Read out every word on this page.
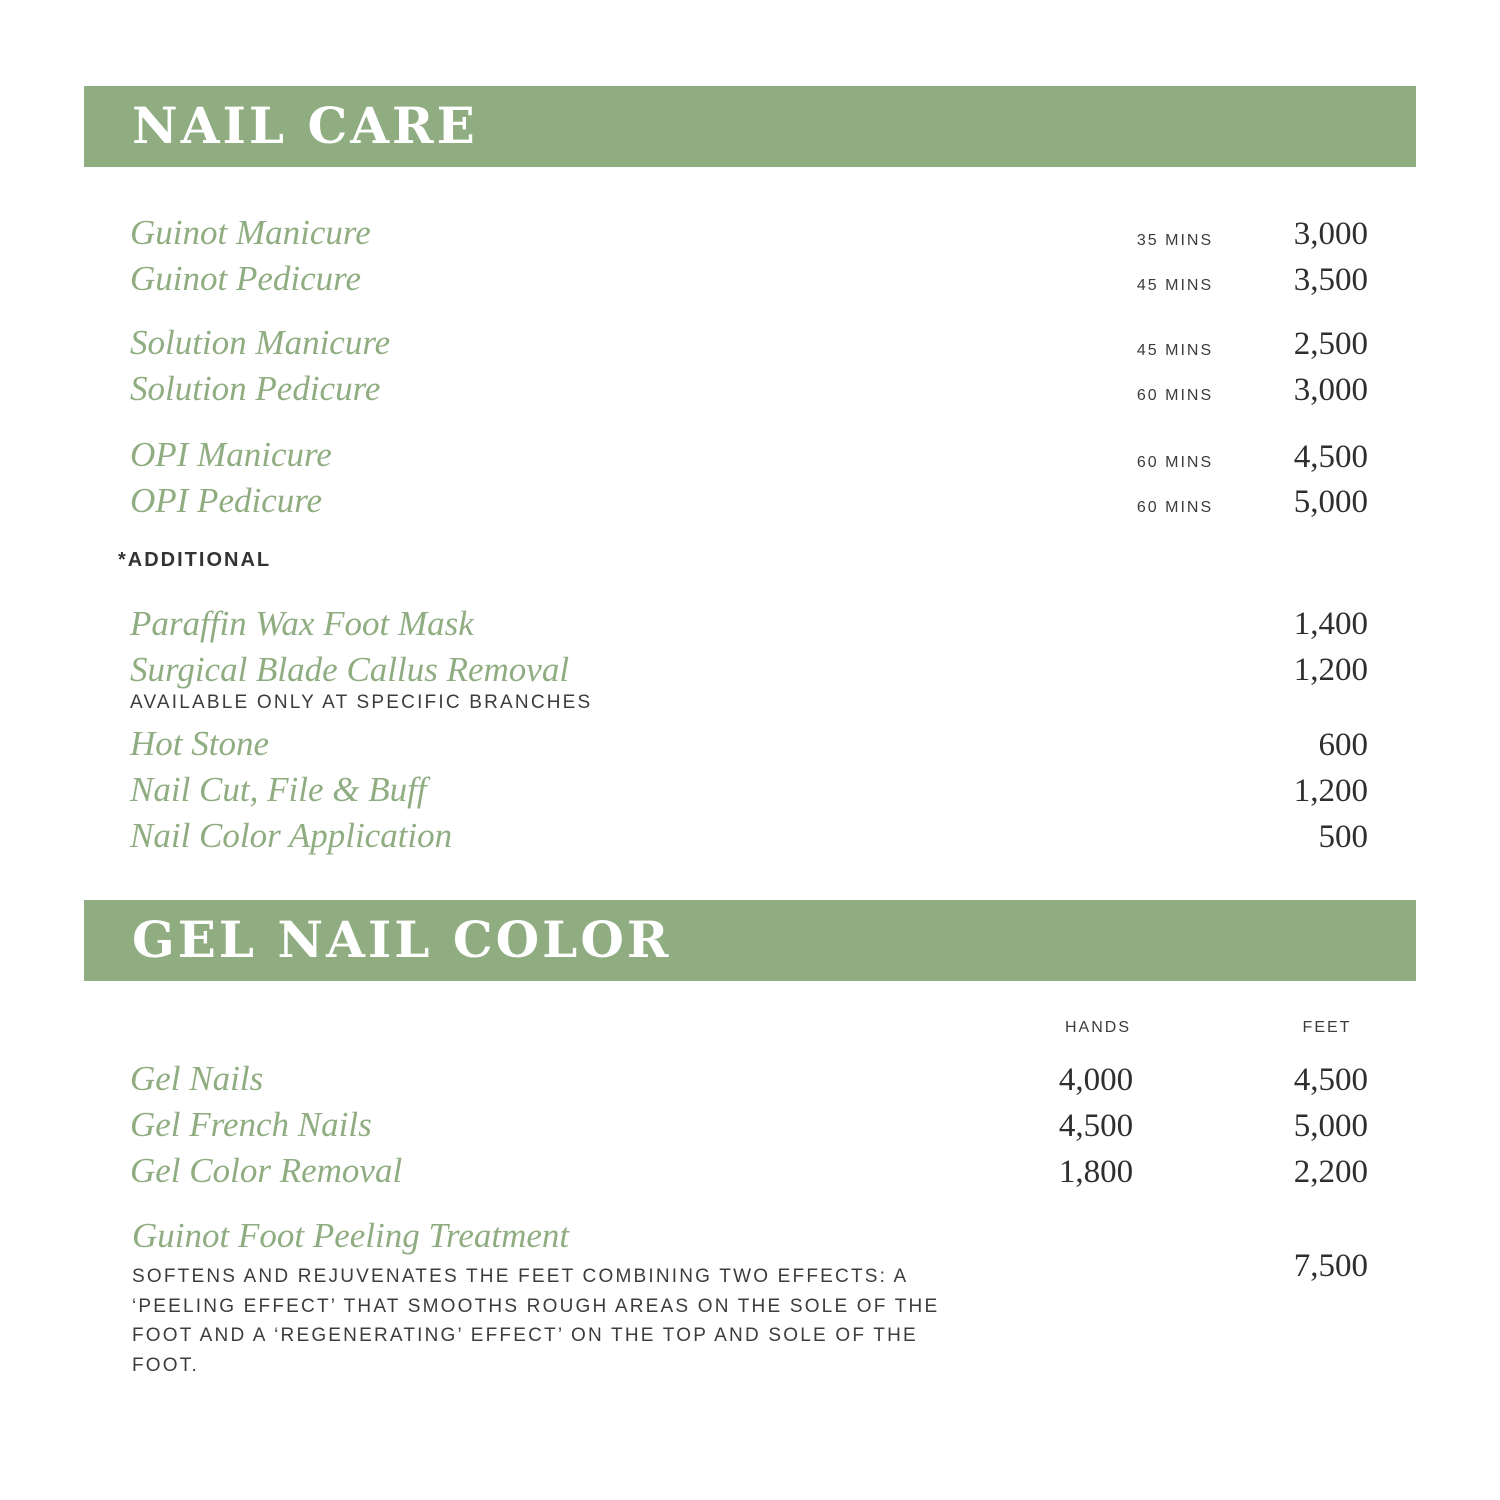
NAIL CARE
Guinot Manicure	35 MINS	3,000
Guinot Pedicure	45 MINS	3,500
Solution Manicure	45 MINS	2,500
Solution Pedicure	60 MINS	3,000
OPI Manicure	60 MINS	4,500
OPI Pedicure	60 MINS	5,000
*ADDITIONAL
Paraffin Wax Foot Mask	1,400
Surgical Blade Callus Removal	1,200
AVAILABLE ONLY AT SPECIFIC BRANCHES
Hot Stone	600
Nail Cut, File & Buff	1,200
Nail Color Application	500
GEL NAIL COLOR
HANDS	FEET
Gel Nails	4,000	4,500
Gel French Nails	4,500	5,000
Gel Color Removal	1,800	2,200
Guinot Foot Peeling Treatment
7,500
SOFTENS AND REJUVENATES THE FEET COMBINING TWO EFFECTS: A ‘PEELING EFFECT’ THAT SMOOTHS ROUGH AREAS ON THE SOLE OF THE FOOT AND A ‘REGENERATING’ EFFECT’ ON THE TOP AND SOLE OF THE FOOT.
